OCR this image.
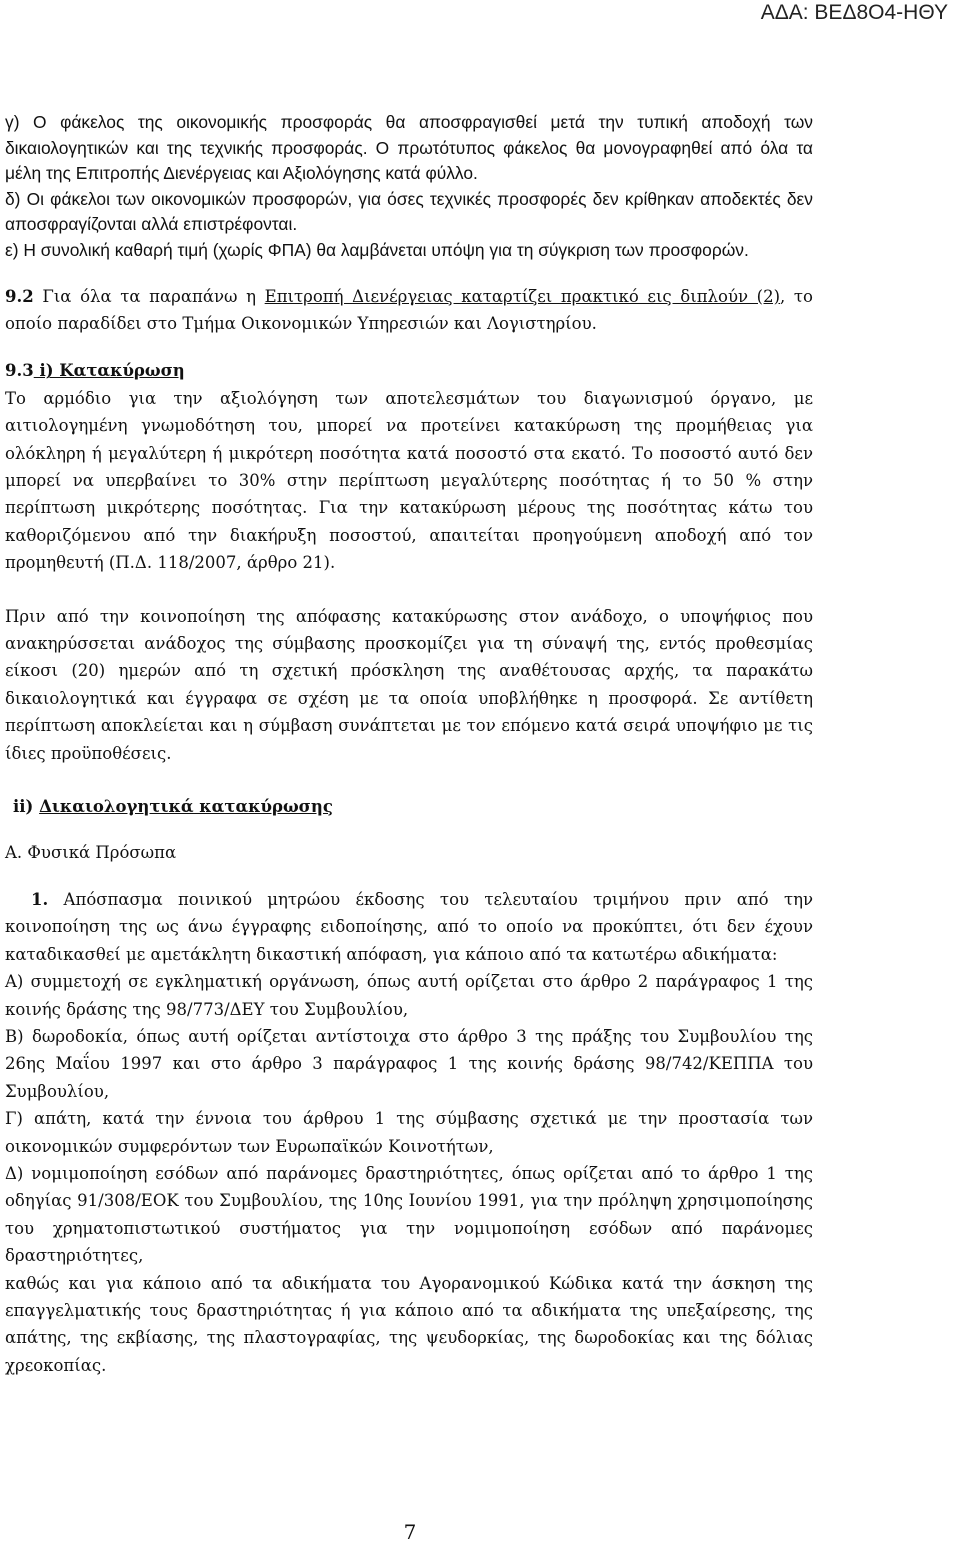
ΑΔΑ: ΒΕΔ8Ο4-ΗΘΥ

γ) Ο φάκελος της οικονομικής προσφοράς θα αποσφραγισθεί μετά την τυπική αποδοχή των δικαιολογητικών και της τεχνικής προσφοράς. Ο πρωτότυπος φάκελος θα μονογραφηθεί από όλα τα μέλη της Επιτροπής Διενέργειας και Αξιολόγησης κατά φύλλο.

δ) Οι φάκελοι των οικονομικών προσφορών, για όσες τεχνικές προσφορές δεν κρίθηκαν αποδεκτές δεν αποσφραγίζονται αλλά επιστρέφονται.

ε) Η συνολική καθαρή τιμή (χωρίς ΦΠΑ) θα λαμβάνεται υπόψη για τη σύγκριση των προσφορών.

9.2 Για όλα τα παραπάνω η Επιτροπή Διενέργειας καταρτίζει πρακτικό εις διπλούν (2), το οποίο παραδίδει στο Τμήμα Οικονομικών Υπηρεσιών και Λογιστηρίου.

9.3 i) Κατακύρωση

Το αρμόδιο για την αξιολόγηση των αποτελεσμάτων του διαγωνισμού όργανο, με αιτιολογημένη γνωμοδότηση του, μπορεί να προτείνει κατακύρωση της προμήθειας για ολόκληρη ή μεγαλύτερη ή μικρότερη ποσότητα κατά ποσοστό στα εκατό. Το ποσοστό αυτό δεν μπορεί να υπερβαίνει το 30% στην περίπτωση μεγαλύτερης ποσότητας ή το 50 % στην περίπτωση μικρότερης ποσότητας. Για την κατακύρωση μέρους της ποσότητας κάτω του καθοριζόμενου από την διακήρυξη ποσοστού, απαιτείται προηγούμενη αποδοχή από τον προμηθευτή (Π.Δ. 118/2007, άρθρο 21).

Πριν από την κοινοποίηση της απόφασης κατακύρωσης στον ανάδοχο, ο υποψήφιος που ανακηρύσσεται ανάδοχος της σύμβασης προσκομίζει για τη σύναψή της, εντός προθεσμίας είκοσι (20) ημερών από τη σχετική πρόσκληση της αναθέτουσας αρχής, τα παρακάτω δικαιολογητικά και έγγραφα σε σχέση με τα οποία υποβλήθηκε η προσφορά. Σε αντίθετη περίπτωση αποκλείεται και η σύμβαση συνάπτεται με τον επόμενο κατά σειρά υποψήφιο με τις ίδιες προϋποθέσεις.

ii) Δικαιολογητικά κατακύρωσης

Α. Φυσικά Πρόσωπα

1. Απόσπασμα ποινικού μητρώου έκδοσης του τελευταίου τριμήνου πριν από την κοινοποίηση της ως άνω έγγραφης ειδοποίησης, από το οποίο να προκύπτει, ότι δεν έχουν καταδικασθεί με αμετάκλητη δικαστική απόφαση, για κάποιο από τα κατωτέρω αδικήματα:

Α) συμμετοχή σε εγκληματική οργάνωση, όπως αυτή ορίζεται στο άρθρο 2 παράγραφος 1 της κοινής δράσης της 98/773/ΔΕΥ του Συμβουλίου,

Β) δωροδοκία, όπως αυτή ορίζεται αντίστοιχα στο άρθρο 3 της πράξης του Συμβουλίου της 26ης Μαΐου 1997 και στο άρθρο 3 παράγραφος 1 της κοινής δράσης 98/742/ΚΕΠΠΑ του Συμβουλίου,

Γ) απάτη, κατά την έννοια του άρθρου 1 της σύμβασης σχετικά με την προστασία των οικονομικών συμφερόντων των Ευρωπαϊκών Κοινοτήτων,

Δ) νομιμοποίηση εσόδων από παράνομες δραστηριότητες, όπως ορίζεται από το άρθρο 1 της οδηγίας 91/308/ΕΟΚ του Συμβουλίου, της 10ης Ιουνίου 1991, για την πρόληψη χρησιμοποίησης του χρηματοπιστωτικού συστήματος για την νομιμοποίηση εσόδων από παράνομες δραστηριότητες,

καθώς και για κάποιο από τα αδικήματα του Αγορανομικού Κώδικα κατά την άσκηση της επαγγελματικής τους δραστηριότητας ή για κάποιο από τα αδικήματα της υπεξαίρεσης, της απάτης, της εκβίασης, της πλαστογραφίας, της ψευδορκίας, της δωροδοκίας και της δόλιας χρεοκοπίας.

7
